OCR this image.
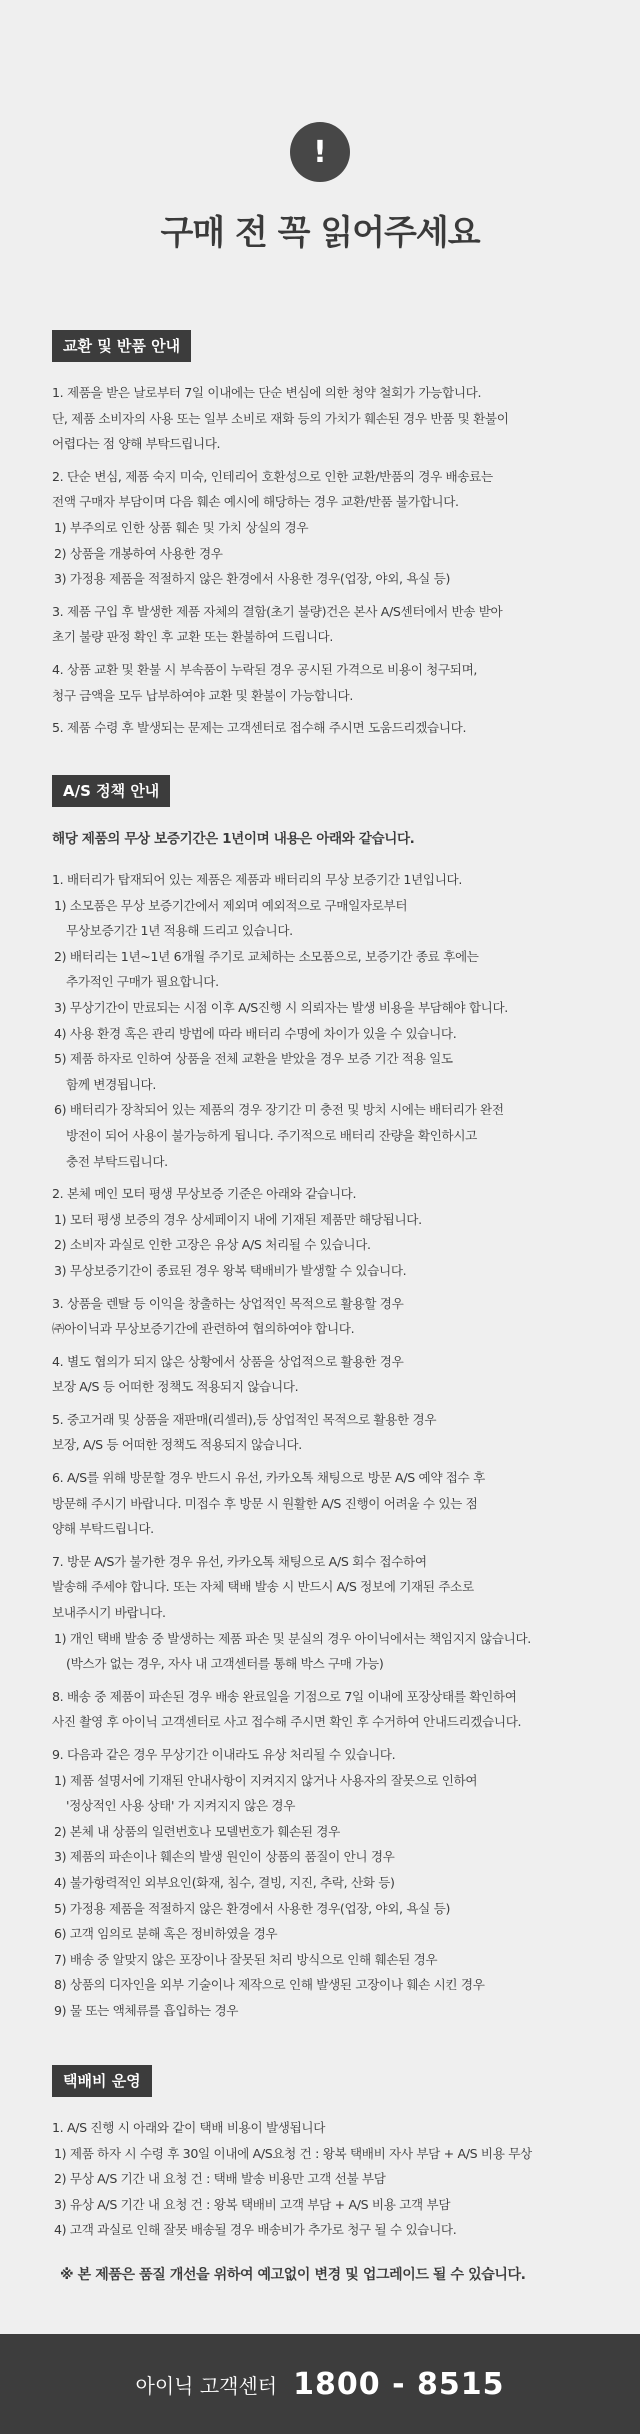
!
구매 전 꼭 읽어주세요
교환 및 반품 안내
1. 제품을 받은 날로부터 7일 이내에는 단순 변심에 의한 청약 철회가 가능합니다.
단, 제품 소비자의 사용 또는 일부 소비로 재화 등의 가치가 훼손된 경우 반품 및 환불이
어렵다는 점 양해 부탁드립니다.
2. 단순 변심, 제품 숙지 미숙, 인테리어 호환성으로 인한 교환/반품의 경우 배송료는
전액 구매자 부담이며 다음 훼손 예시에 해당하는 경우 교환/반품 불가합니다.
1) 부주의로 인한 상품 훼손 및 가치 상실의 경우
2) 상품을 개봉하여 사용한 경우
3) 가정용 제품을 적절하지 않은 환경에서 사용한 경우(업장, 야외, 욕실 등)
3. 제품 구입 후 발생한 제품 자체의 결함(초기 불량)건은 본사 A/S센터에서 반송 받아
초기 불량 판정 확인 후 교환 또는 환불하여 드립니다.
4. 상품 교환 및 환불 시 부속품이 누락된 경우 공시된 가격으로 비용이 청구되며,
청구 금액을 모두 납부하여야 교환 및 환불이 가능합니다.
5. 제품 수령 후 발생되는 문제는 고객센터로 접수해 주시면 도움드리겠습니다.
A/S 정책 안내
해당 제품의 무상 보증기간은 1년이며 내용은 아래와 같습니다.
1. 배터리가 탑재되어 있는 제품은 제품과 배터리의 무상 보증기간 1년입니다.
1) 소모품은 무상 보증기간에서 제외며 예외적으로 구매일자로부터
무상보증기간 1년 적용해 드리고 있습니다.
2) 배터리는 1년~1년 6개월 주기로 교체하는 소모품으로, 보증기간 종료 후에는
추가적인 구매가 필요합니다.
3) 무상기간이 만료되는 시점 이후 A/S진행 시 의뢰자는 발생 비용을 부담해야 합니다.
4) 사용 환경 혹은 관리 방법에 따라 배터리 수명에 차이가 있을 수 있습니다.
5) 제품 하자로 인하여 상품을 전체 교환을 받았을 경우 보증 기간 적용 일도
함께 변경됩니다.
6) 배터리가 장착되어 있는 제품의 경우 장기간 미 충전 및 방치 시에는 배터리가 완전
방전이 되어 사용이 불가능하게 됩니다. 주기적으로 배터리 잔량을 확인하시고
충전 부탁드립니다.
2. 본체 메인 모터 평생 무상보증 기준은 아래와 같습니다.
1) 모터 평생 보증의 경우 상세페이지 내에 기재된 제품만 해당됩니다.
2) 소비자 과실로 인한 고장은 유상 A/S 처리될 수 있습니다.
3) 무상보증기간이 종료된 경우 왕복 택배비가 발생할 수 있습니다.
3. 상품을 렌탈 등 이익을 창출하는 상업적인 목적으로 활용할 경우
㈜아이닉과 무상보증기간에 관련하여 협의하여야 합니다.
4. 별도 협의가 되지 않은 상황에서 상품을 상업적으로 활용한 경우
보장 A/S 등 어떠한 정책도 적용되지 않습니다.
5. 중고거래 및 상품을 재판매(리셀러),등 상업적인 목적으로 활용한 경우
보장, A/S 등 어떠한 정책도 적용되지 않습니다.
6. A/S를 위해 방문할 경우 반드시 유선, 카카오톡 채팅으로 방문 A/S 예약 접수 후
방문해 주시기 바랍니다. 미접수 후 방문 시 원활한 A/S 진행이 어려울 수 있는 점
양해 부탁드립니다.
7. 방문 A/S가 불가한 경우 유선, 카카오톡 채팅으로 A/S 회수 접수하여
발송해 주세야 합니다. 또는 자체 택배 발송 시 반드시 A/S 정보에 기재된 주소로
보내주시기 바랍니다.
1) 개인 택배 발송 중 발생하는 제품 파손 및 분실의 경우 아이닉에서는 책임지지 않습니다.
(박스가 없는 경우, 자사 내 고객센터를 통해 박스 구매 가능)
8. 배송 중 제품이 파손된 경우 배송 완료일을 기점으로 7일 이내에 포장상태를 확인하여
사진 촬영 후 아이닉 고객센터로 사고 접수해 주시면 확인 후 수거하여 안내드리겠습니다.
9. 다음과 같은 경우 무상기간 이내라도 유상 처리될 수 있습니다.
1) 제품 설명서에 기재된 안내사항이 지켜지지 않거나 사용자의 잘못으로 인하여
'정상적인 사용 상태' 가 지켜지지 않은 경우
2) 본체 내 상품의 일련번호나 모델번호가 훼손된 경우
3) 제품의 파손이나 훼손의 발생 원인이 상품의 품질이 안니 경우
4) 불가항력적인 외부요인(화재, 침수, 결빙, 지진, 추락, 산화 등)
5) 가정용 제품을 적절하지 않은 환경에서 사용한 경우(업장, 야외, 욕실 등)
6) 고객 임의로 분해 혹은 정비하였을 경우
7) 배송 중 알맞지 않은 포장이나 잘못된 처리 방식으로 인해 훼손된 경우
8) 상품의 디자인을 외부 기술이나 제작으로 인해 발생된 고장이나 훼손 시킨 경우
9) 물 또는 액체류를 흡입하는 경우
택배비 운영
1. A/S 진행 시 아래와 같이 택배 비용이 발생됩니다
1) 제품 하자 시 수령 후 30일 이내에 A/S요청 건 : 왕복 택배비 자사 부담 + A/S 비용 무상
2) 무상 A/S 기간 내 요청 건 : 택배 발송 비용만 고객 선불 부담
3) 유상 A/S 기간 내 요청 건 : 왕복 택배비 고객 부담 + A/S 비용 고객 부담
4) 고객 과실로 인해 잘못 배송될 경우 배송비가 추가로 청구 될 수 있습니다.
※ 본 제품은 품질 개선을 위하여 예고없이 변경 및 업그레이드 될 수 있습니다.
아이닉 고객센터 1800 - 8515
